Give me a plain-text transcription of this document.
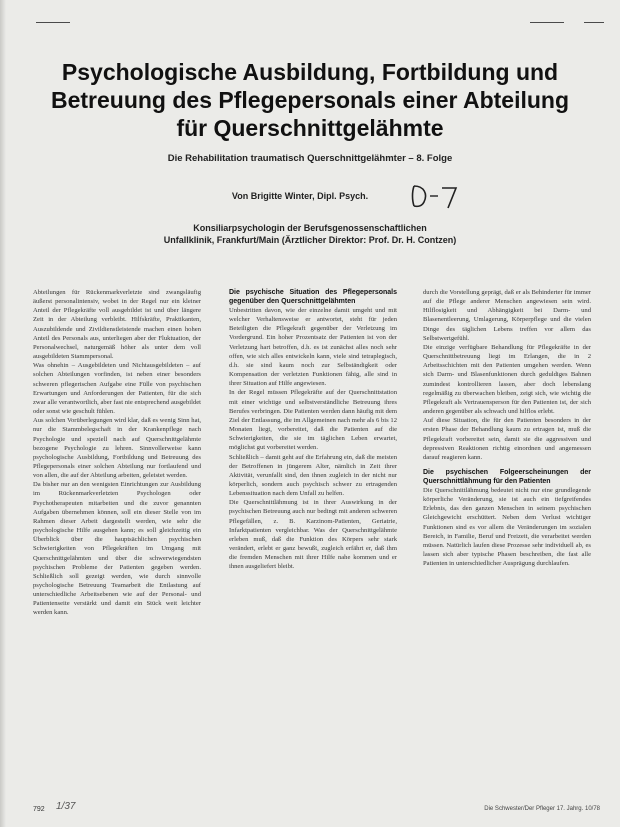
Psychologische Ausbildung, Fortbildung und Betreuung des Pflegepersonals einer Abteilung für Querschnittgelähmte
Die Rehabilitation traumatisch Querschnittgelähmter – 8. Folge
Von Brigitte Winter, Dipl. Psych.
Konsiliarpsychologin der Berufsgenossenschaftlichen
Unfallklinik, Frankfurt/Main (Ärztlicher Direktor: Prof. Dr. H. Contzen)

Abteilungen für Rückenmarkverletzte sind zwangsläufig äußerst personalintensiv, wobei in der Regel nur ein kleiner Anteil der Pflegekräfte voll ausgebildet ist und über längere Zeit in der Abteilung verbleibt. Hilfskräfte, Praktikanten, Auszubildende und Zivildienstleistende machen einen hohen Anteil des Personals aus, unterliegen aber der Fluktuation, der Personalwechsel, naturgemäß höher als unter dem voll ausgebildeten Stammpersonal.

Was ohnehin – Ausgebildeten und Nichtausgebildeten – auf solchen Abteilungen vorfinden, ist neben einer besonders schweren pflegerischen Aufgabe eine Fülle von psychischen Erwartungen und Anforderungen der Patienten, für die sich zwar alle verantwortlich, aber fast nie entsprechend ausgebildet oder sonst wie geschult fühlen.

Aus solchen Vorüberlegungen wird klar, daß es wenig Sinn hat, nur die Stammbelegschaft in der Krankenpflege nach Psychologie und speziell nach auf Querschnittgelähmte bezogene Psychologie zu lehren. Sinnvollerweise kann psychologische Ausbildung, Fortbildung und Betreuung des Pflegepersonals einer solchen Abteilung nur fortlaufend und von allen, die auf der Abteilung arbeiten, geleistet werden.

Da bisher nur an den wenigsten Einrichtungen zur Ausbildung im Rückenmarkverletzten Psychologen oder Psychotherapeuten mitarbeiten und die zuvor genannten Aufgaben übernehmen können, soll ein dieser Stelle von im Rahmen dieser Arbeit dargestellt werden, wie sehr die psychologische Hilfe ausgehen kann; es soll gleichzeitig ein Überblick über die hauptsächlichen psychischen Schwierigkeiten von Pflegekräften im Umgang mit Querschnittgelähmten und über die schwerwiegendsten psychischen Probleme der Patienten gegeben werden. Schließlich soll gezeigt werden, wie durch sinnvolle psychologische Betreuung Teamarbeit die Entlastung auf unterschiedliche Arbeitsebenen wie auf der Personal- und Patientenseite verstärkt und damit ein Stück weit leichter werden kann.

Die psychische Situation des Pflegepersonals gegenüber den Querschnittgelähmten

Unbestritten davon, wie der einzelne damit umgeht und mit welcher Verhaltensweise er antwortet, steht für jeden Beteiligten die Pflegekraft gegenüber der Verletzung im Vordergrund. Ein hoher Prozentsatz der Patienten ist von der Verletzung hart betroffen, d.h. es ist zunächst alles noch sehr offen, wie sich alles entwickeln kann, viele sind tetraplegisch, d.h. sie sind kaum noch zur Selbständigkeit oder Kompensation der verletzten Funktionen fähig, alle sind in ihrer Situation auf Hilfe angewiesen.

In der Regel müssen Pflegekräfte auf der Querschnittstation mit einer wichtige und selbstverständliche Betreuung ihres Berufes verbringen. Die Patienten werden dann häufig mit dem Ziel der Entlassung, die im Allgemeinen nach mehr als 6 bis 12 Monaten liegt, vorbereitet, daß die Patienten auf die Schwierigkeiten, die sie im täglichen Leben erwartet, möglichst gut vorbereitet werden.

Schließlich – damit geht auf die Erfahrung ein, daß die meisten der Betroffenen in jüngerem Alter, nämlich in Zeit ihrer Aktivität, verunfallt sind, den ihnen zugleich in der nicht nur körperlich, sondern auch psychisch schwer zu ertragenden Lebenssituation nach dem Unfall zu helfen.

Die Querschnittlähmung ist in ihrer Auswirkung in der psychischen Betreuung auch nur bedingt mit anderen schweren Pflegefällen, z. B. Karzinom-Patienten, Geriatrie, Infarktpatienten vergleichbar. Was der Querschnittgelähmte erleben muß, daß die Funktion des Körpers sehr stark verändert, erlebt er ganz bewußt, zugleich erfährt er, daß ihm die fremden Menschen mit ihrer Hilfe nahe kommen und er ihnen ausgeliefert bleibt.

durch die Vorstellung geprägt, daß er als Behinderter für immer auf die Pflege anderer Menschen angewiesen sein wird. Hilflosigkeit und Abhängigkeit bei Darm- und Blasenentleerung, Umlagerung, Körperpflege und die vielen Dinge des täglichen Lebens treffen vor allem das Selbstwertgefühl.

Die einzige verfügbare Behandlung für Pflegekräfte in der Querschnittbetreuung liegt im Erlangen, die in 2 Arbeitsschichten mit den Patienten umgehen werden. Wenn sich Darm- und Blasenfunktionen durch geduldiges Bahnen zumindest kontrollieren lassen, aber doch lebenslang regelmäßig zu überwachen bleiben, zeigt sich, wie wichtig die Pflegekraft als Vertrauensperson für den Patienten ist, der sich anderen gegenüber als schwach und hilflos erlebt.

Auf diese Situation, die für den Patienten besonders in der ersten Phase der Behandlung kaum zu ertragen ist, muß die Pflegekraft vorbereitet sein, damit sie die aggressiven und depressiven Reaktionen richtig einordnen und angemessen darauf reagieren kann.

Die psychischen Folgeerscheinungen der Querschnittlähmung für den Patienten

Die Querschnittlähmung bedeutet nicht nur eine grundlegende körperliche Veränderung, sie ist auch ein tiefgreifendes Erlebnis, das den ganzen Menschen in seinem psychischen Gleichgewicht erschüttert. Neben dem Verlust wichtiger Funktionen sind es vor allem die Veränderungen im sozialen Bereich, in Familie, Beruf und Freizeit, die verarbeitet werden müssen. Natürlich laufen diese Prozesse sehr individuell ab, es lassen sich aber typische Phasen beschreiben, die fast alle Patienten in unterschiedlicher Ausprägung durchlaufen.

792 1/37	Die Schwester/Der Pfleger 17. Jahrg. 10/78
